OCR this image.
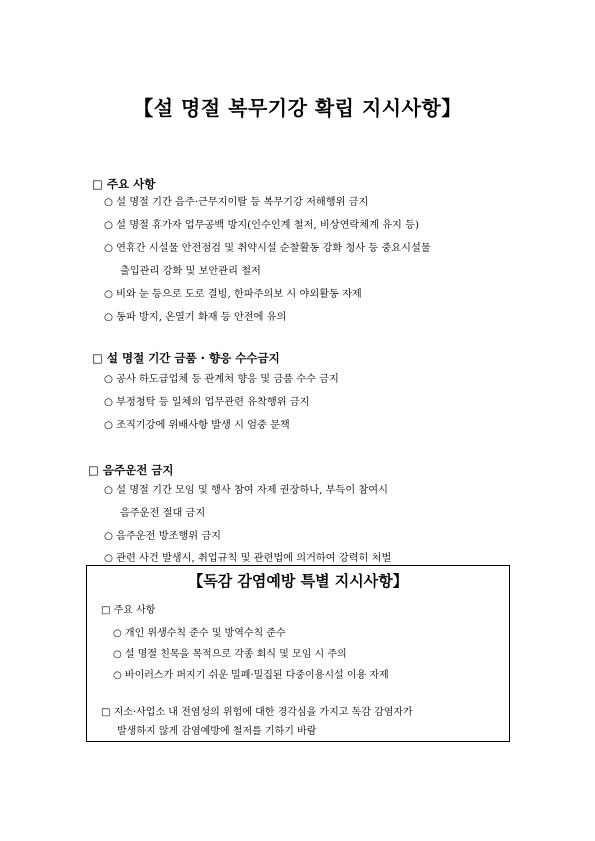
【설 명절 복무기강 확립 지시사항】
□ 주요 사항
○ 설 명절 기간 음주·근무지이탈 등 복무기강 저해행위 금지
○ 설 명절 휴가자 업무공백 방지(인수인계 철저, 비상연락체계 유지 등)
○ 연휴간 시설물 안전점검 및 취약시설 순찰활동 강화 청사 등 중요시설물
출입관리 강화 및 보안관리 철저
○ 비와 눈 등으로 도로 결빙, 한파주의보 시 야외활동 자제
○ 동파 방지, 온열기 화재 등 안전에 유의
□ 설 명절 기간 금품 · 향응 수수금지
○ 공사 하도급업체 등 관계처 향응 및 금품 수수 금지
○ 부정청탁 등 일체의 업무관련 유착행위 금지
○ 조직기강에 위배사항 발생 시 엄중 문책
□ 음주운전 금지
○ 설 명절 기간 모임 및 행사 참여 자제 권장하나, 부득이 참여시
음주운전 절대 금지
○ 음주운전 방조행위 금지
○ 관련 사건 발생시, 취업규칙 및 관련법에 의거하여 강력히 처벌
【독감 감염예방 특별 지시사항】
□ 주요 사항
○ 개인 위생수칙 준수 및 방역수칙 준수
○ 설 명절 친목을 목적으로 각종 회식 및 모임 시 주의
○ 바이러스가 퍼지기 쉬운 밀폐·밀집된 다중이용시설 이용 자제
□ 지소·사업소 내 전염성의 위험에 대한 경각심을 가지고 독감 감염자가
발생하지 않게 감염예방에 철저를 기하기 바람
